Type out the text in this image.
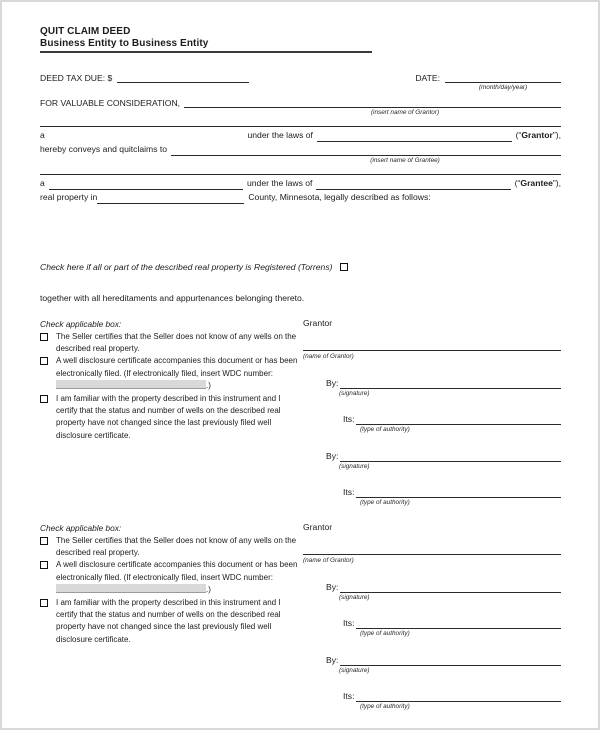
QUIT CLAIM DEED
Business Entity to Business Entity
DEED TAX DUE: $	DATE:
(month/day/year)
FOR VALUABLE CONSIDERATION,
(insert name of Grantor)
a	under the laws of	(“Grantor”),
hereby conveys and quitclaims to
(insert name of Grantee)
a	under the laws of	(“Grantee”),
real property in	County, Minnesota, legally described as follows:
Check here if all or part of the described real property is Registered (Torrens)
together with all hereditaments and appurtenances belonging thereto.
Check applicable box:
The Seller certifies that the Seller does not know of any wells on the described real property.
A well disclosure certificate accompanies this document or has been electronically filed. (If electronically filed, insert WDC number: .)
I am familiar with the property described in this instrument and I certify that the status and number of wells on the described real property have not changed since the last previously filed well disclosure certificate.
Grantor
(name of Grantor)
By:
(signature)
Its:
(type of authority)
By:
(signature)
Its:
(type of authority)
Check applicable box:
The Seller certifies that the Seller does not know of any wells on the described real property.
A well disclosure certificate accompanies this document or has been electronically filed. (If electronically filed, insert WDC number: .)
I am familiar with the property described in this instrument and I certify that the status and number of wells on the described real property have not changed since the last previously filed well disclosure certificate.
Grantor
(name of Grantor)
By:
(signature)
Its:
(type of authority)
By:
(signature)
Its:
(type of authority)
